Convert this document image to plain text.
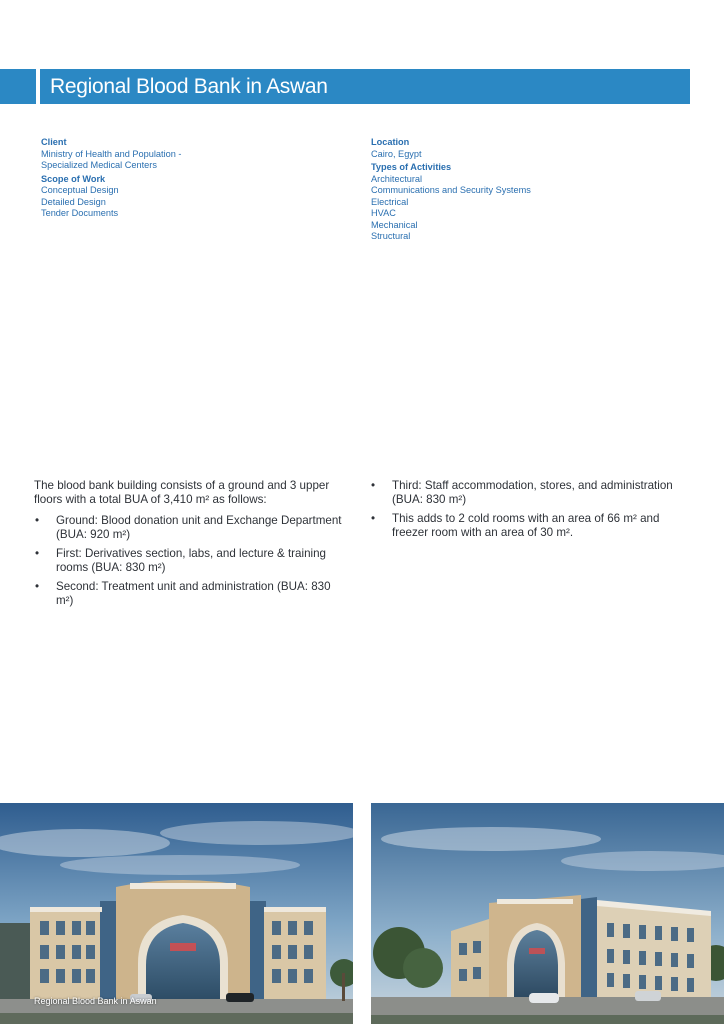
Regional Blood Bank in Aswan
Client
Ministry of Health and Population -
Specialized Medical Centers
Scope of Work
Conceptual Design
Detailed Design
Tender Documents
Location
Cairo, Egypt
Types of Activities
Architectural
Communications and Security Systems
Electrical
HVAC
Mechanical
Structural

The blood bank building consists of a ground and 3 upper floors with a total BUA of 3,410 m² as follows:

• Ground: Blood donation unit and Exchange Department (BUA: 920 m²)
• First: Derivatives section, labs, and lecture & training rooms (BUA: 830 m²)
• Second: Treatment unit and administration (BUA: 830 m²)
• Third: Staff accommodation, stores, and administration (BUA: 830 m²)
• This adds to 2 cold rooms with an area of 66 m² and freezer room with an area of 30 m².
Regional Blood Bank in Aswan
